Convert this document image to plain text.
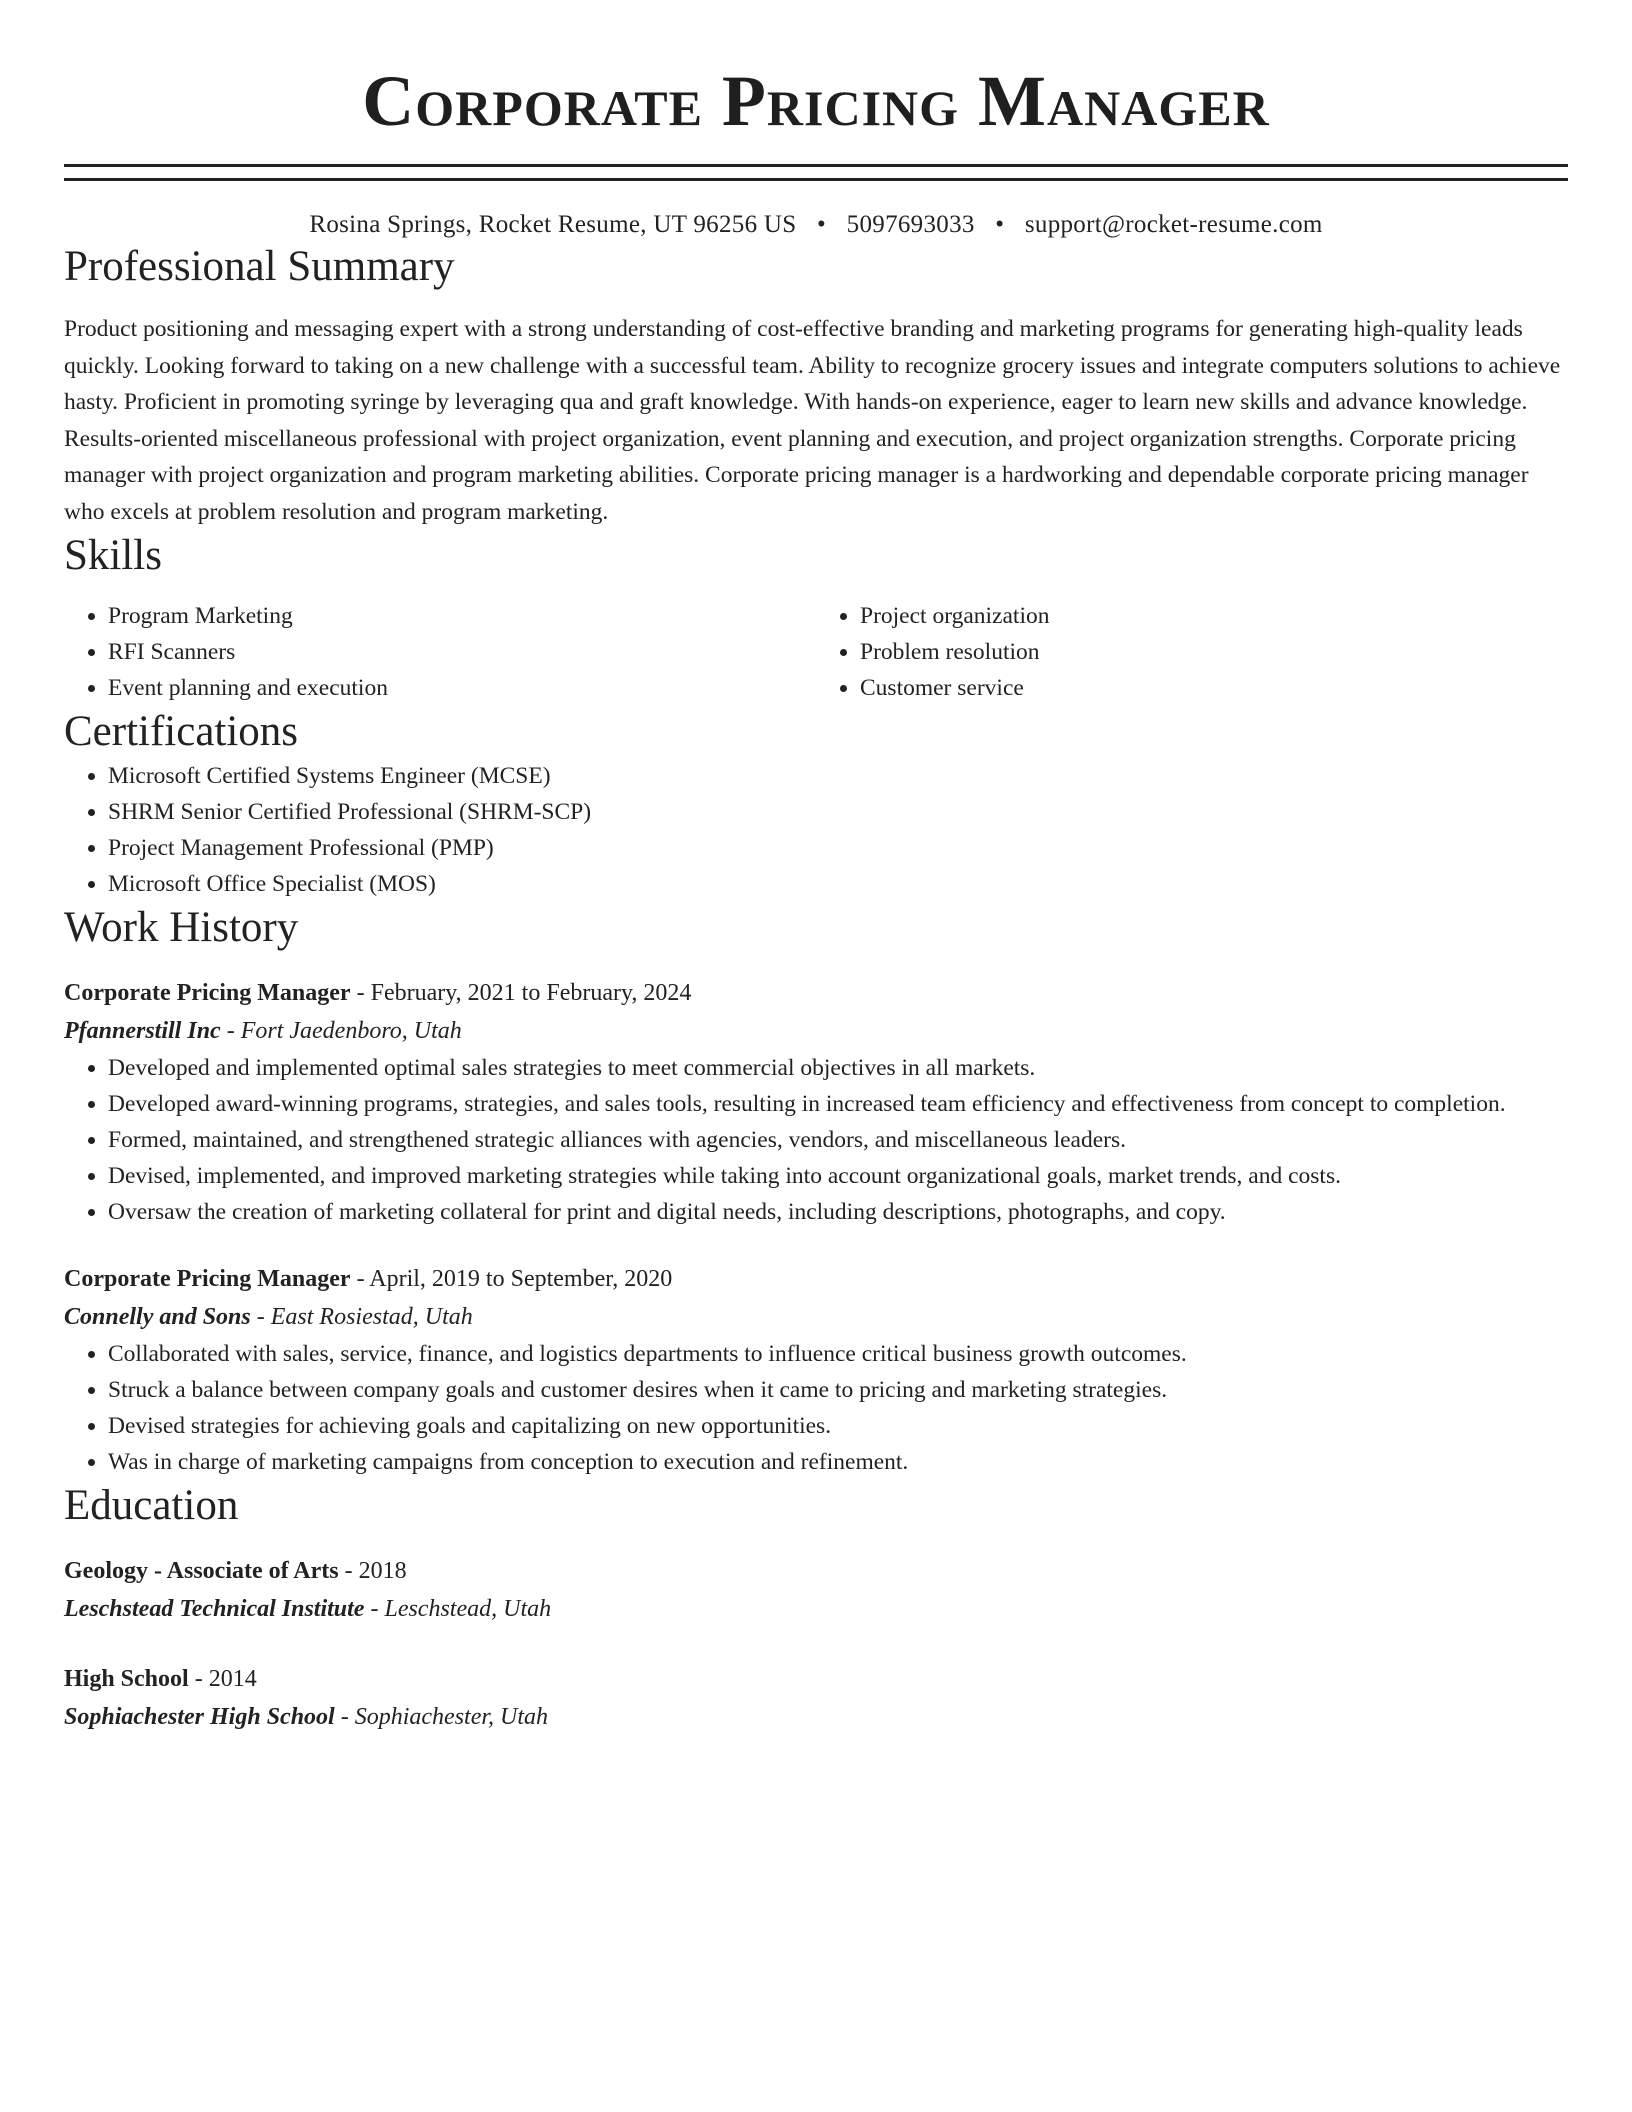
Corporate Pricing Manager
Rosina Springs, Rocket Resume, UT 96256 US • 5097693033 • support@rocket-resume.com
Professional Summary

Product positioning and messaging expert with a strong understanding of cost-effective branding and marketing programs for generating high-quality leads quickly. Looking forward to taking on a new challenge with a successful team. Ability to recognize grocery issues and integrate computers solutions to achieve hasty. Proficient in promoting syringe by leveraging qua and graft knowledge. With hands-on experience, eager to learn new skills and advance knowledge. Results-oriented miscellaneous professional with project organization, event planning and execution, and project organization strengths. Corporate pricing manager with project organization and program marketing abilities. Corporate pricing manager is a hardworking and dependable corporate pricing manager who excels at problem resolution and program marketing.

Skills
• Program Marketing
• RFI Scanners
• Event planning and execution
• Project organization
• Problem resolution
• Customer service
Certifications
• Microsoft Certified Systems Engineer (MCSE)
• SHRM Senior Certified Professional (SHRM-SCP)
• Project Management Professional (PMP)
• Microsoft Office Specialist (MOS)
Work History
Corporate Pricing Manager - February, 2021 to February, 2024
Pfannerstill Inc - Fort Jaedenboro, Utah
• Developed and implemented optimal sales strategies to meet commercial objectives in all markets.
• Developed award-winning programs, strategies, and sales tools, resulting in increased team efficiency and effectiveness from concept to completion.
• Formed, maintained, and strengthened strategic alliances with agencies, vendors, and miscellaneous leaders.
• Devised, implemented, and improved marketing strategies while taking into account organizational goals, market trends, and costs.
• Oversaw the creation of marketing collateral for print and digital needs, including descriptions, photographs, and copy.
Corporate Pricing Manager - April, 2019 to September, 2020
Connelly and Sons - East Rosiestad, Utah
• Collaborated with sales, service, finance, and logistics departments to influence critical business growth outcomes.
• Struck a balance between company goals and customer desires when it came to pricing and marketing strategies.
• Devised strategies for achieving goals and capitalizing on new opportunities.
• Was in charge of marketing campaigns from conception to execution and refinement.
Education
Geology - Associate of Arts - 2018
Leschstead Technical Institute - Leschstead, Utah
High School - 2014
Sophiachester High School - Sophiachester, Utah
